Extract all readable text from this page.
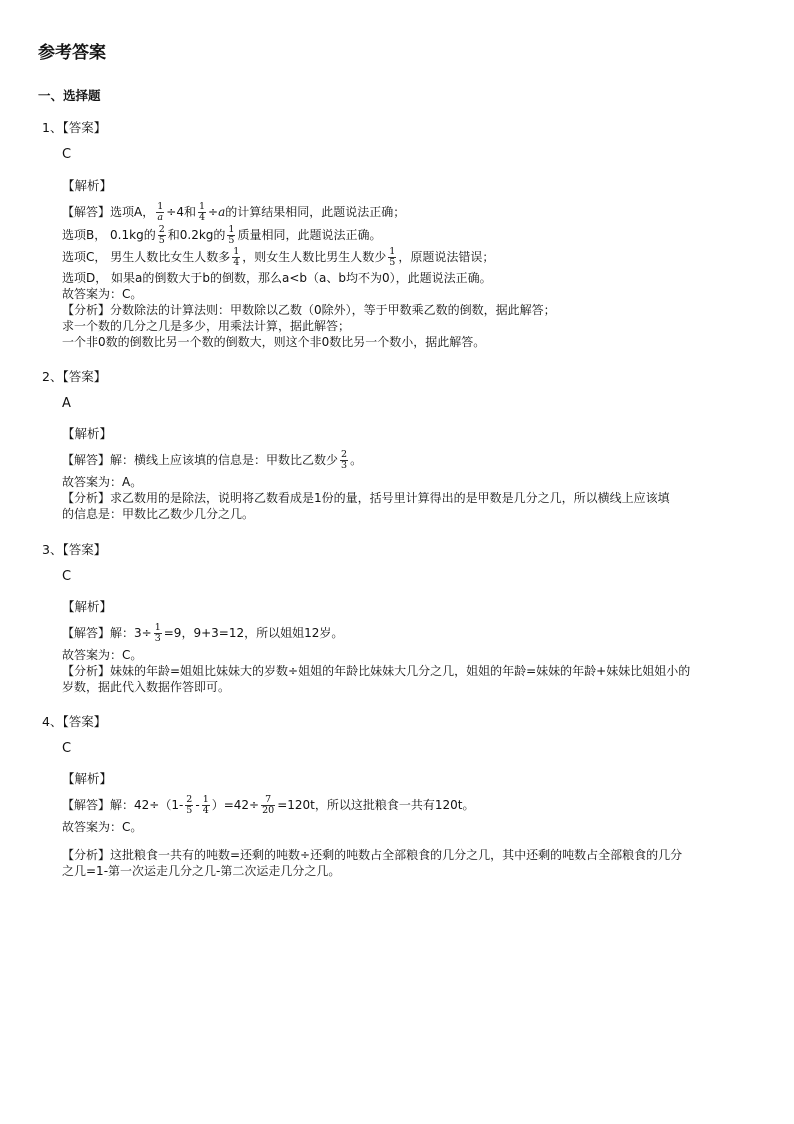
参考答案
一、选择题
1、【答案】
C
【解析】
【解答】选项A， $\frac{1}{a} \div 4$和 $\frac{1}{4} \div a$的计算结果相同，此题说法正确；
选项B， 0.1kg的 $\frac{2}{5}$ 和0.2kg的 $\frac{1}{5}$ 质量相同，此题说法正确。
选项C， 男生人数比女生人数多 $\frac{1}{4}$ ，则女生人数比男生人数少 $\frac{1}{5}$ ，原题说法错误；
选项D， 如果a的倒数大于b的倒数，那么a<b（a、b均不为0），此题说法正确。
故答案为：C。
【分析】分数除法的计算法则：甲数除以乙数（0除外），等于甲数乘乙数的倒数，据此解答；
求一个数的几分之几是多少，用乘法计算，据此解答；
一个非0数的倒数比另一个数的倒数大，则这个非0数比另一个数小，据此解答。
2、【答案】
A
【解析】
【解答】解：横线上应该填的信息是：甲数比乙数少 $\frac{2}{3}$ 。
故答案为：A。
【分析】求乙数用的是除法，说明将乙数看成是1份的量，括号里计算得出的是甲数是几分之几，所以横线上应该填
的信息是：甲数比乙数少几分之几。
3、【答案】
C
【解析】
【解答】解：$3\div \frac{1}{3} =9$，9+3=12，所以姐姐12岁。
故答案为：C。
【分析】妹妹的年龄=姐姐比妹妹大的岁数÷姐姐的年龄比妹妹大几分之几，姐姐的年龄=妹妹的年龄+妹妹比姐姐小的
岁数，据此代入数据作答即可。
4、【答案】
C
【解析】
【解答】解：$42\div(1- \frac{2}{5} - \frac{1}{4} )=42\div \frac{7}{20} =120t$，所以这批粮食一共有120t。
故答案为：C。
【分析】这批粮食一共有的吨数=还剩的吨数÷还剩的吨数占全部粮食的几分之几，其中还剩的吨数占全部粮食的几分
之几=1-第一次运走几分之几-第二次运走几分之几。
